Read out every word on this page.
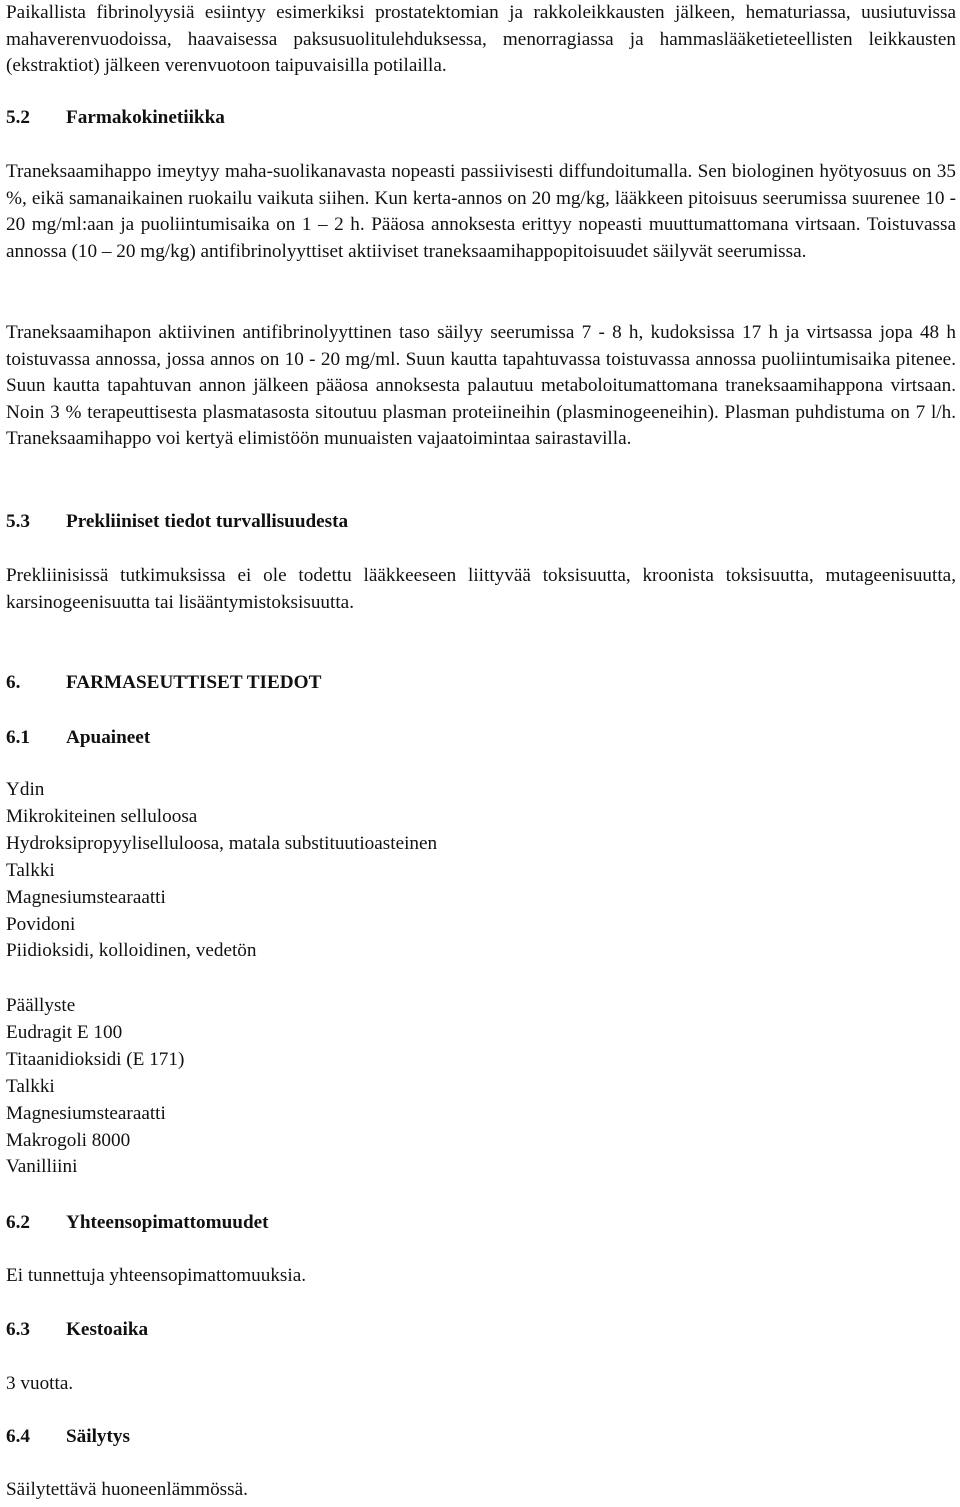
Paikallista fibrinolyysiä esiintyy esimerkiksi prostatektomian ja rakkoleikkausten jälkeen, hematuriassa, uusiutuvissa mahaverenvuodoissa, haavaisessa paksusuolitulehduksessa, menorragiassa ja hammaslääketieteellisten leikkausten (ekstraktiot) jälkeen verenvuotoon taipuvaisilla potilailla.

5.2 Farmakokinetiikka

Traneksaamihappo imeytyy maha-suolikanavasta nopeasti passiivisesti diffundoitumalla. Sen biologinen hyötyosuus on 35 %, eikä samanaikainen ruokailu vaikuta siihen. Kun kerta-annos on 20 mg/kg, lääkkeen pitoisuus seerumissa suurenee 10 - 20 mg/ml:aan ja puoliintumisaika on 1 – 2 h. Pääosa annoksesta erittyy nopeasti muuttumattomana virtsaan. Toistuvassa annossa (10 – 20 mg/kg) antifibrinolyyttiset aktiiviset traneksaamihappopitoisuudet säilyvät seerumissa.

Traneksaamihapon aktiivinen antifibrinolyyttinen taso säilyy seerumissa 7 - 8 h, kudoksissa 17 h ja virtsassa jopa 48 h toistuvassa annossa, jossa annos on 10 - 20 mg/ml. Suun kautta tapahtuvassa toistuvassa annossa puoliintumisaika pitenee. Suun kautta tapahtuvan annon jälkeen pääosa annoksesta palautuu metaboloitumattomana traneksaamihappona virtsaan. Noin 3 % terapeuttisesta plasmatasosta sitoutuu plasman proteiineihin (plasminogeeneihin). Plasman puhdistuma on 7 l/h. Traneksaamihappo voi kertyä elimistöön munuaisten vajaatoimintaa sairastavilla.

5.3 Prekliiniset tiedot turvallisuudesta

Prekliinisissä tutkimuksissa ei ole todettu lääkkeeseen liittyvää toksisuutta, kroonista toksisuutta, mutageenisuutta, karsinogeenisuutta tai lisääntymistoksisuutta.

6. FARMASEUTTISET TIEDOT
6.1 Apuaineet

Ydin

Mikrokiteinen selluloosa
Hydroksipropyyliselluloosa, matala substituutioasteinen
Talkki
Magnesiumstearaatti
Povidoni
Piidioksidi, kolloidinen, vedetön

Päällyste

Eudragit E 100
Titaanidioksidi (E 171)
Talkki
Magnesiumstearaatti
Makrogoli 8000
Vanilliini
6.2 Yhteensopimattomuudet

Ei tunnettuja yhteensopimattomuuksia.

6.3 Kestoaika

3 vuotta.

6.4 Säilytys

Säilytettävä huoneenlämmössä.
